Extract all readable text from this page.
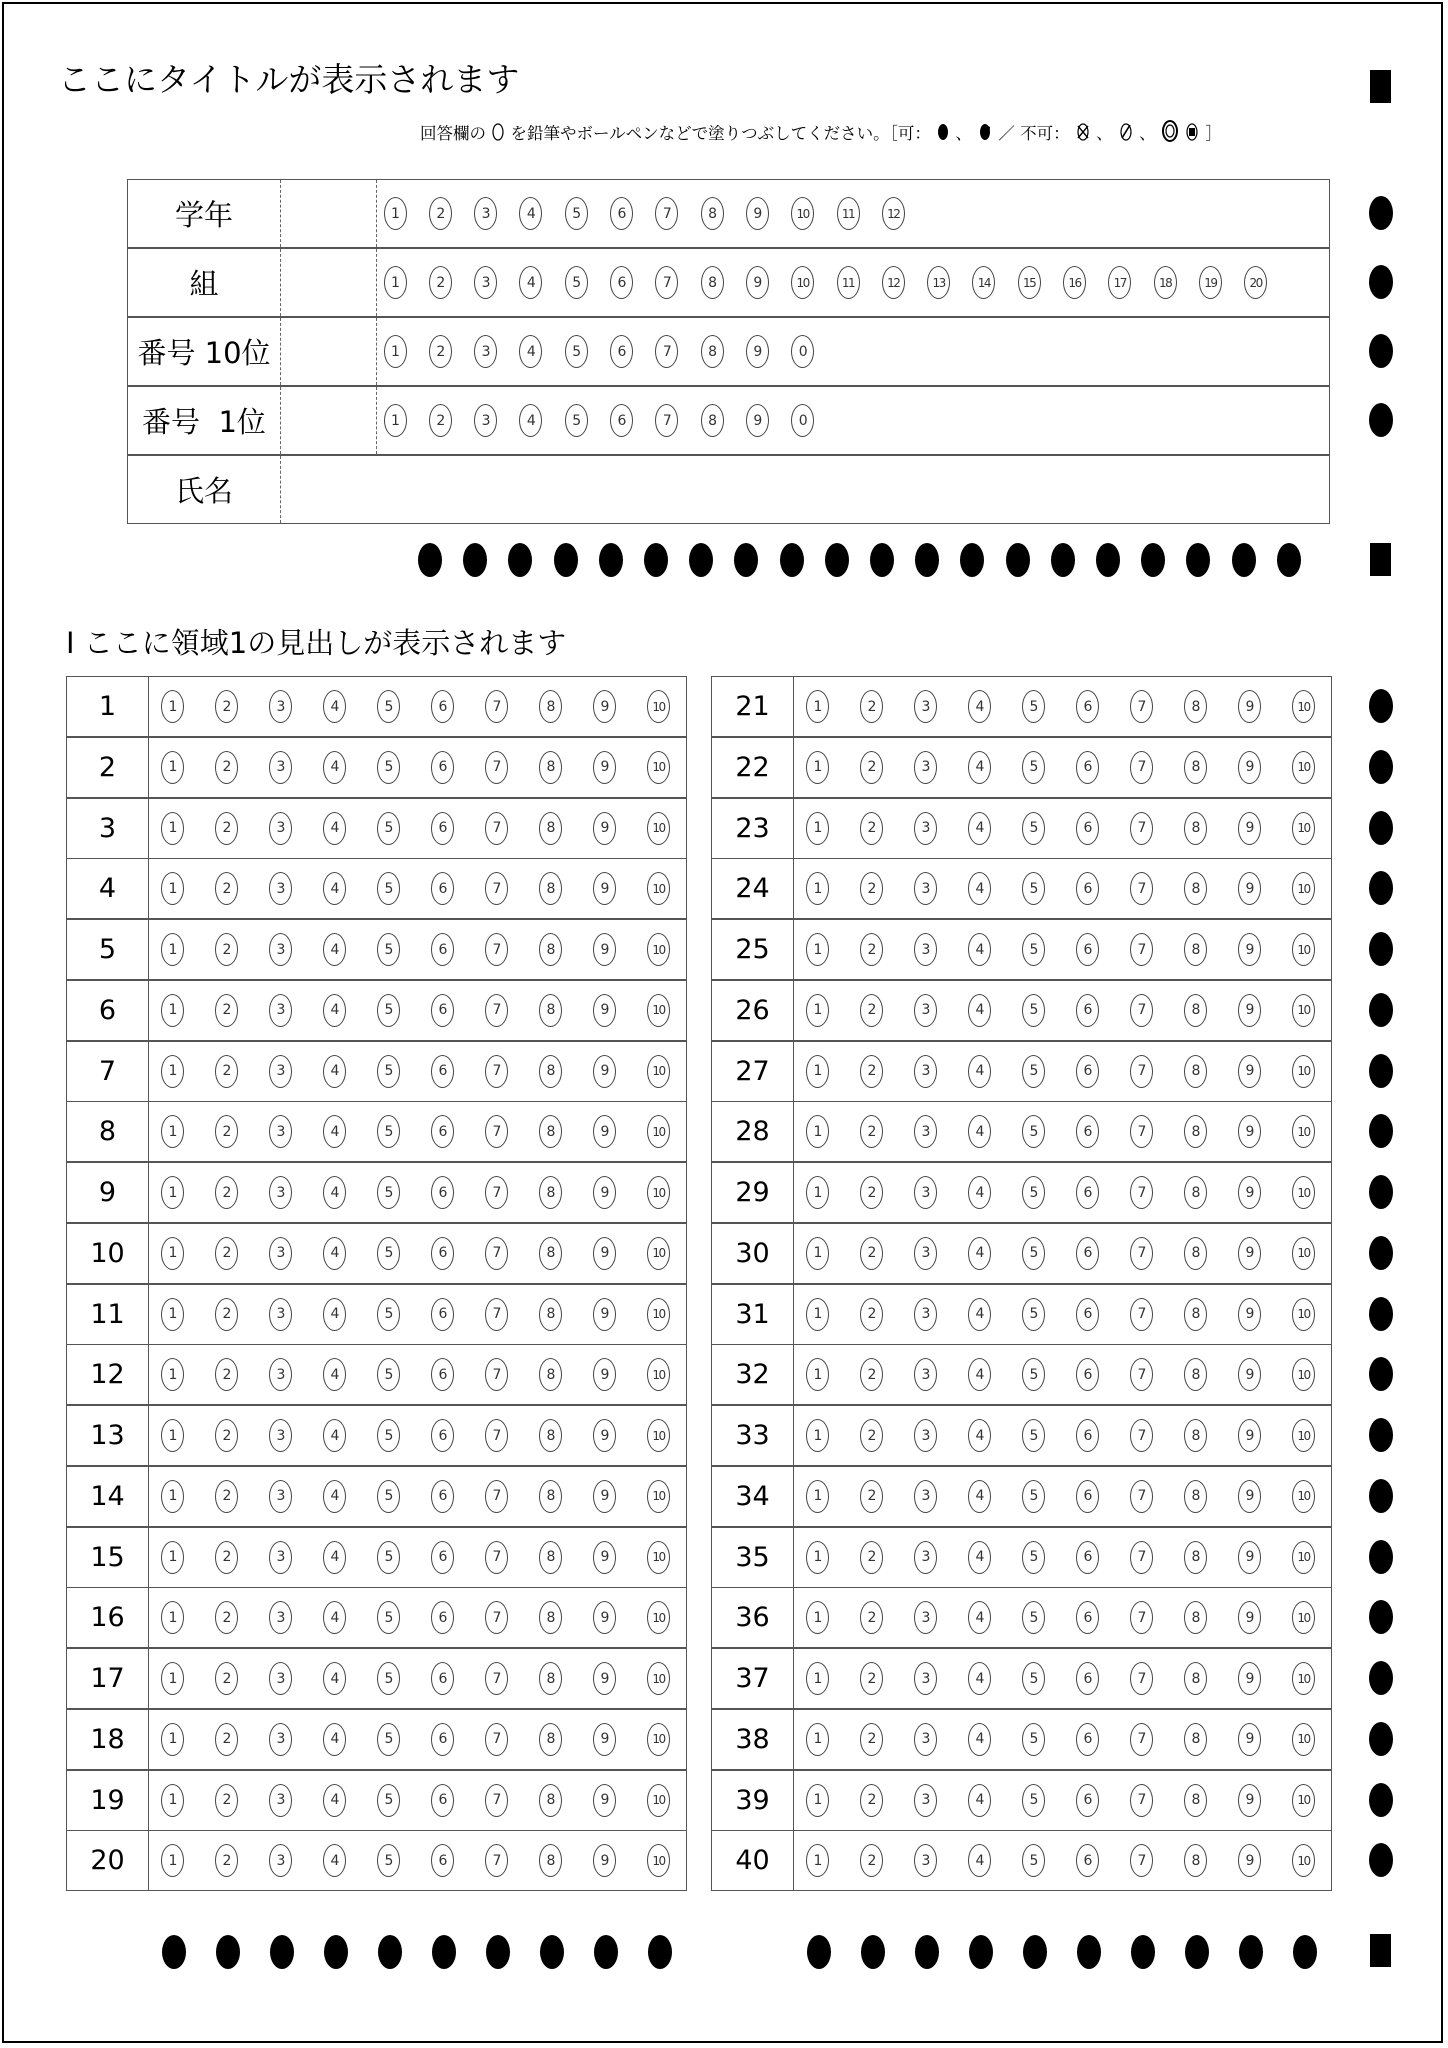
ここにタイトルが表示されます
回答欄の を鉛筆やボールペンなどで塗りつぶしてください。［可： 、 ／ 不可： 、 、	］
学年	1	2	3	4	5	6	7	8	9	10	11	12
組	1	2	3	4	5	6	7	8	9	10	11	12	13	14	15	16	17	18	19	20
番号 10位	1	2	3	4	5	6	7	8	9	0
番号  1位	1	2	3	4	5	6	7	8	9	0
氏名
Ⅰ ここに領域1の見出しが表示されます
1	1	2	3	4	5	6	7	8	9	10
2	1	2	3	4	5	6	7	8	9	10
3	1	2	3	4	5	6	7	8	9	10
4	1	2	3	4	5	6	7	8	9	10
5	1	2	3	4	5	6	7	8	9	10
6	1	2	3	4	5	6	7	8	9	10
7	1	2	3	4	5	6	7	8	9	10
8	1	2	3	4	5	6	7	8	9	10
9	1	2	3	4	5	6	7	8	9	10
10	1	2	3	4	5	6	7	8	9	10
11	1	2	3	4	5	6	7	8	9	10
12	1	2	3	4	5	6	7	8	9	10
13	1	2	3	4	5	6	7	8	9	10
14	1	2	3	4	5	6	7	8	9	10
15	1	2	3	4	5	6	7	8	9	10
16	1	2	3	4	5	6	7	8	9	10
17	1	2	3	4	5	6	7	8	9	10
18	1	2	3	4	5	6	7	8	9	10
19	1	2	3	4	5	6	7	8	9	10
20	1	2	3	4	5	6	7	8	9	10
21	1	2	3	4	5	6	7	8	9	10
22	1	2	3	4	5	6	7	8	9	10
23	1	2	3	4	5	6	7	8	9	10
24	1	2	3	4	5	6	7	8	9	10
25	1	2	3	4	5	6	7	8	9	10
26	1	2	3	4	5	6	7	8	9	10
27	1	2	3	4	5	6	7	8	9	10
28	1	2	3	4	5	6	7	8	9	10
29	1	2	3	4	5	6	7	8	9	10
30	1	2	3	4	5	6	7	8	9	10
31	1	2	3	4	5	6	7	8	9	10
32	1	2	3	4	5	6	7	8	9	10
33	1	2	3	4	5	6	7	8	9	10
34	1	2	3	4	5	6	7	8	9	10
35	1	2	3	4	5	6	7	8	9	10
36	1	2	3	4	5	6	7	8	9	10
37	1	2	3	4	5	6	7	8	9	10
38	1	2	3	4	5	6	7	8	9	10
39	1	2	3	4	5	6	7	8	9	10
40	1	2	3	4	5	6	7	8	9	10
